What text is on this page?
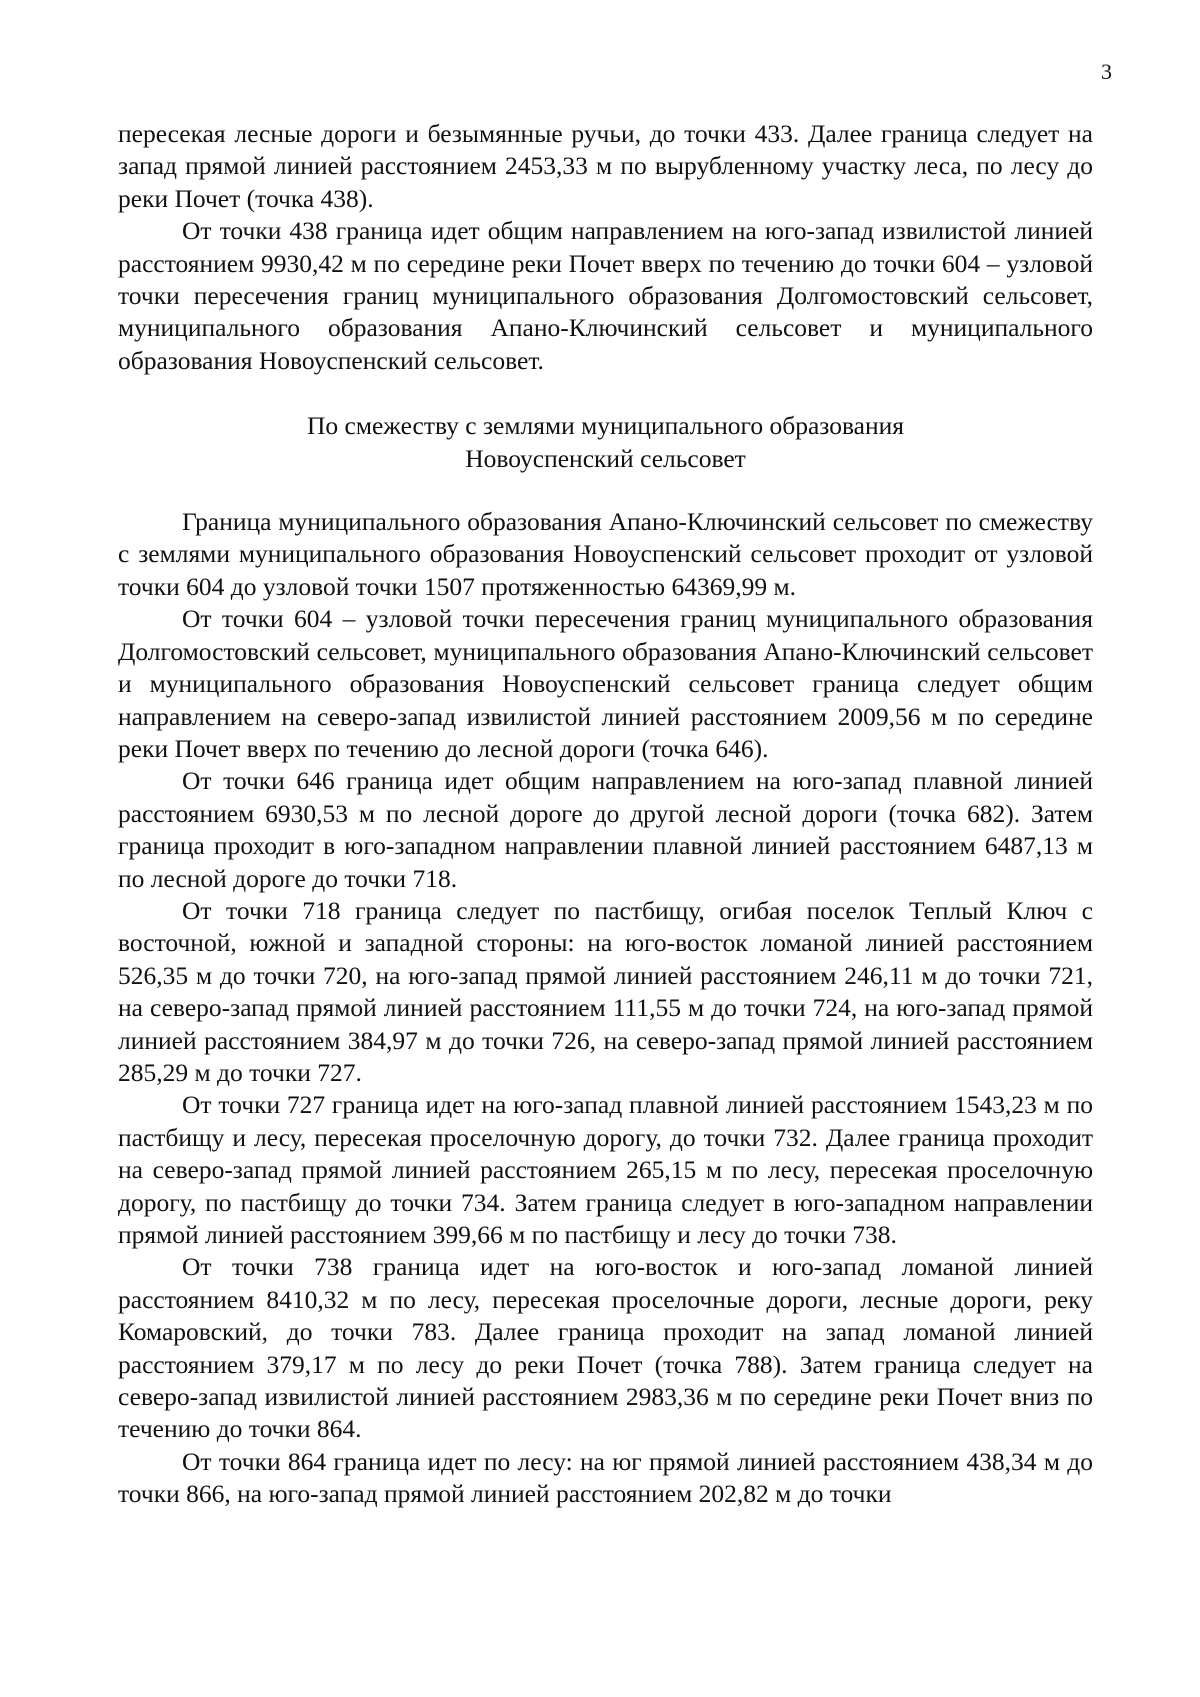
3

пересекая лесные дороги и безымянные ручьи, до точки 433. Далее граница следует на запад прямой линией расстоянием 2453,33 м по вырубленному участку леса, по лесу до реки Почет (точка 438).

От точки 438 граница идет общим направлением на юго-запад извилистой линией расстоянием 9930,42 м по середине реки Почет вверх по течению до точки 604 – узловой точки пересечения границ муниципального образования Долгомостовский сельсовет, муниципального образования Апано-Ключинский сельсовет и муниципального образования Новоуспенский сельсовет.

По смежеству с землями муниципального образования

Новоуспенский сельсовет

Граница муниципального образования Апано-Ключинский сельсовет по смежеству с землями муниципального образования Новоуспенский сельсовет проходит от узловой точки 604 до узловой точки 1507 протяженностью 64369,99 м.

От точки 604 – узловой точки пересечения границ муниципального образования Долгомостовский сельсовет, муниципального образования Апано-Ключинский сельсовет и муниципального образования Новоуспенский сельсовет граница следует общим направлением на северо-запад извилистой линией расстоянием 2009,56 м по середине реки Почет вверх по течению до лесной дороги (точка 646).

От точки 646 граница идет общим направлением на юго-запад плавной линией расстоянием 6930,53 м по лесной дороге до другой лесной дороги (точка 682). Затем граница проходит в юго-западном направлении плавной линией расстоянием 6487,13 м по лесной дороге до точки 718.

От точки 718 граница следует по пастбищу, огибая поселок Теплый Ключ с восточной, южной и западной стороны: на юго-восток ломаной линией расстоянием 526,35 м до точки 720, на юго-запад прямой линией расстоянием 246,11 м до точки 721, на северо-запад прямой линией расстоянием 111,55 м до точки 724, на юго-запад прямой линией расстоянием 384,97 м до точки 726, на северо-запад прямой линией расстоянием 285,29 м до точки 727.

От точки 727 граница идет на юго-запад плавной линией расстоянием 1543,23 м по пастбищу и лесу, пересекая проселочную дорогу, до точки 732. Далее граница проходит на северо-запад прямой линией расстоянием 265,15 м по лесу, пересекая проселочную дорогу, по пастбищу до точки 734. Затем граница следует в юго-западном направлении прямой линией расстоянием 399,66 м по пастбищу и лесу до точки 738.

От точки 738 граница идет на юго-восток и юго-запад ломаной линией расстоянием 8410,32 м по лесу, пересекая проселочные дороги, лесные дороги, реку Комаровский, до точки 783. Далее граница проходит на запад ломаной линией расстоянием 379,17 м по лесу до реки Почет (точка 788). Затем граница следует на северо-запад извилистой линией расстоянием 2983,36 м по середине реки Почет вниз по течению до точки 864.

От точки 864 граница идет по лесу: на юг прямой линией расстоянием 438,34 м до точки 866, на юго-запад прямой линией расстоянием 202,82 м до точки
